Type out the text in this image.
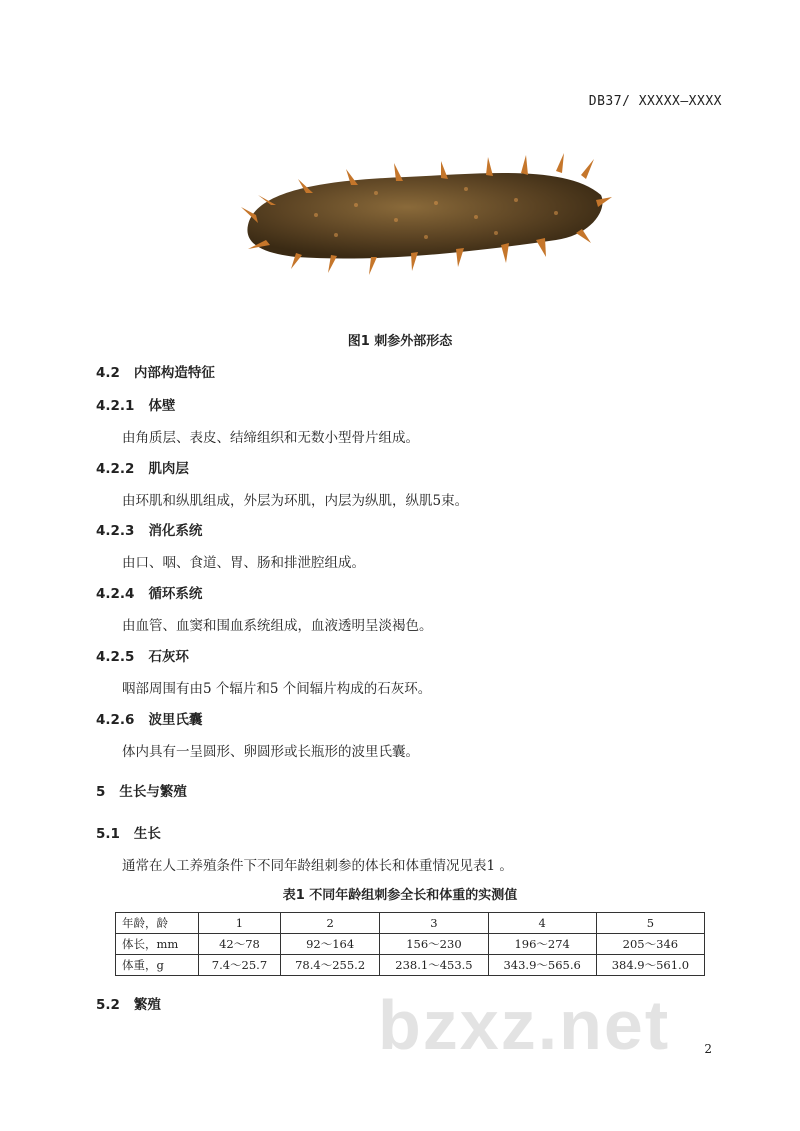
DB37/ XXXXX—XXXX
图1 刺参外部形态
4.2 内部构造特征
4.2.1 体壁
由角质层、表皮、结缔组织和无数小型骨片组成。
4.2.2 肌肉层
由环肌和纵肌组成，外层为环肌，内层为纵肌，纵肌5束。
4.2.3 消化系统
由口、咽、食道、胃、肠和排泄腔组成。
4.2.4 循环系统
由血管、血窦和围血系统组成，血液透明呈淡褐色。
4.2.5 石灰环
咽部周围有由5 个辐片和5 个间辐片构成的石灰环。
4.2.6 波里氏囊
体内具有一呈圆形、卵圆形或长瓶形的波里氏囊。
5 生长与繁殖
5.1 生长
通常在人工养殖条件下不同年龄组刺参的体长和体重情况见表1 。
表1 不同年龄组刺参全长和体重的实测值
年龄，龄	1	2	3	4	5
体长，mm	42～78	92～164	156～230	196～274	205～346
体重，g	7.4～25.7	78.4～255.2	238.1～453.5	343.9～565.6	384.9～561.0
5.2 繁殖	bzxz.net	2
